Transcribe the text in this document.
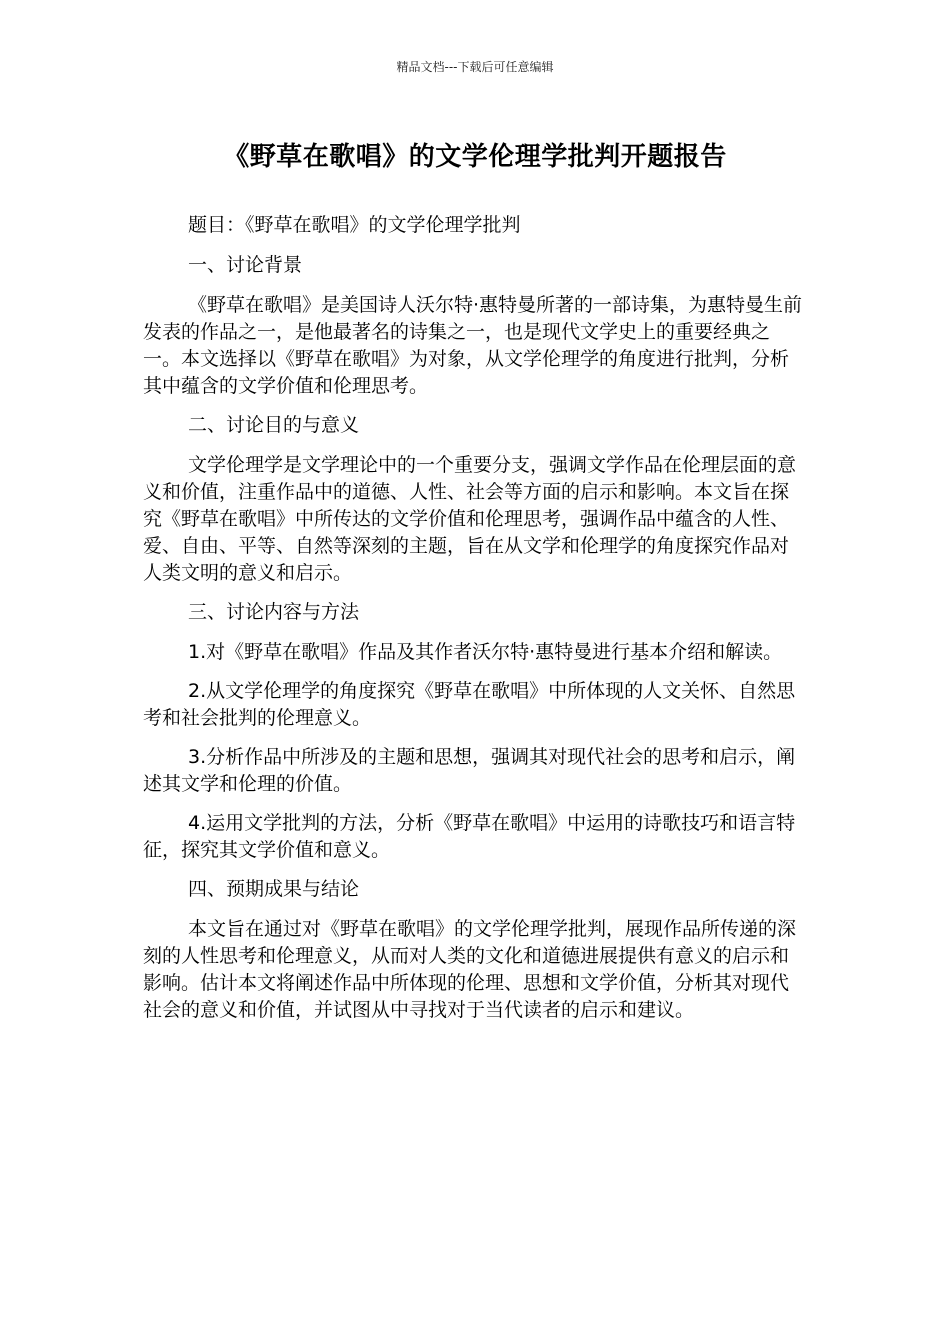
精品文档---下载后可任意编辑
《野草在歌唱》的文学伦理学批判开题报告

题目：《野草在歌唱》的文学伦理学批判

一、讨论背景

《野草在歌唱》是美国诗人沃尔特·惠特曼所著的一部诗集，为惠特曼生前发表的作品之一，是他最著名的诗集之一，也是现代文学史上的重要经典之一。本文选择以《野草在歌唱》为对象，从文学伦理学的角度进行批判，分析其中蕴含的文学价值和伦理思考。

二、讨论目的与意义

文学伦理学是文学理论中的一个重要分支，强调文学作品在伦理层面的意义和价值，注重作品中的道德、人性、社会等方面的启示和影响。本文旨在探究《野草在歌唱》中所传达的文学价值和伦理思考，强调作品中蕴含的人性、爱、自由、平等、自然等深刻的主题，旨在从文学和伦理学的角度探究作品对人类文明的意义和启示。

三、讨论内容与方法

1.对《野草在歌唱》作品及其作者沃尔特·惠特曼进行基本介绍和解读。

2.从文学伦理学的角度探究《野草在歌唱》中所体现的人文关怀、自然思考和社会批判的伦理意义。

3.分析作品中所涉及的主题和思想，强调其对现代社会的思考和启示，阐述其文学和伦理的价值。

4.运用文学批判的方法，分析《野草在歌唱》中运用的诗歌技巧和语言特征，探究其文学价值和意义。

四、预期成果与结论

本文旨在通过对《野草在歌唱》的文学伦理学批判，展现作品所传递的深刻的人性思考和伦理意义，从而对人类的文化和道德进展提供有意义的启示和影响。估计本文将阐述作品中所体现的伦理、思想和文学价值，分析其对现代社会的意义和价值，并试图从中寻找对于当代读者的启示和建议。
